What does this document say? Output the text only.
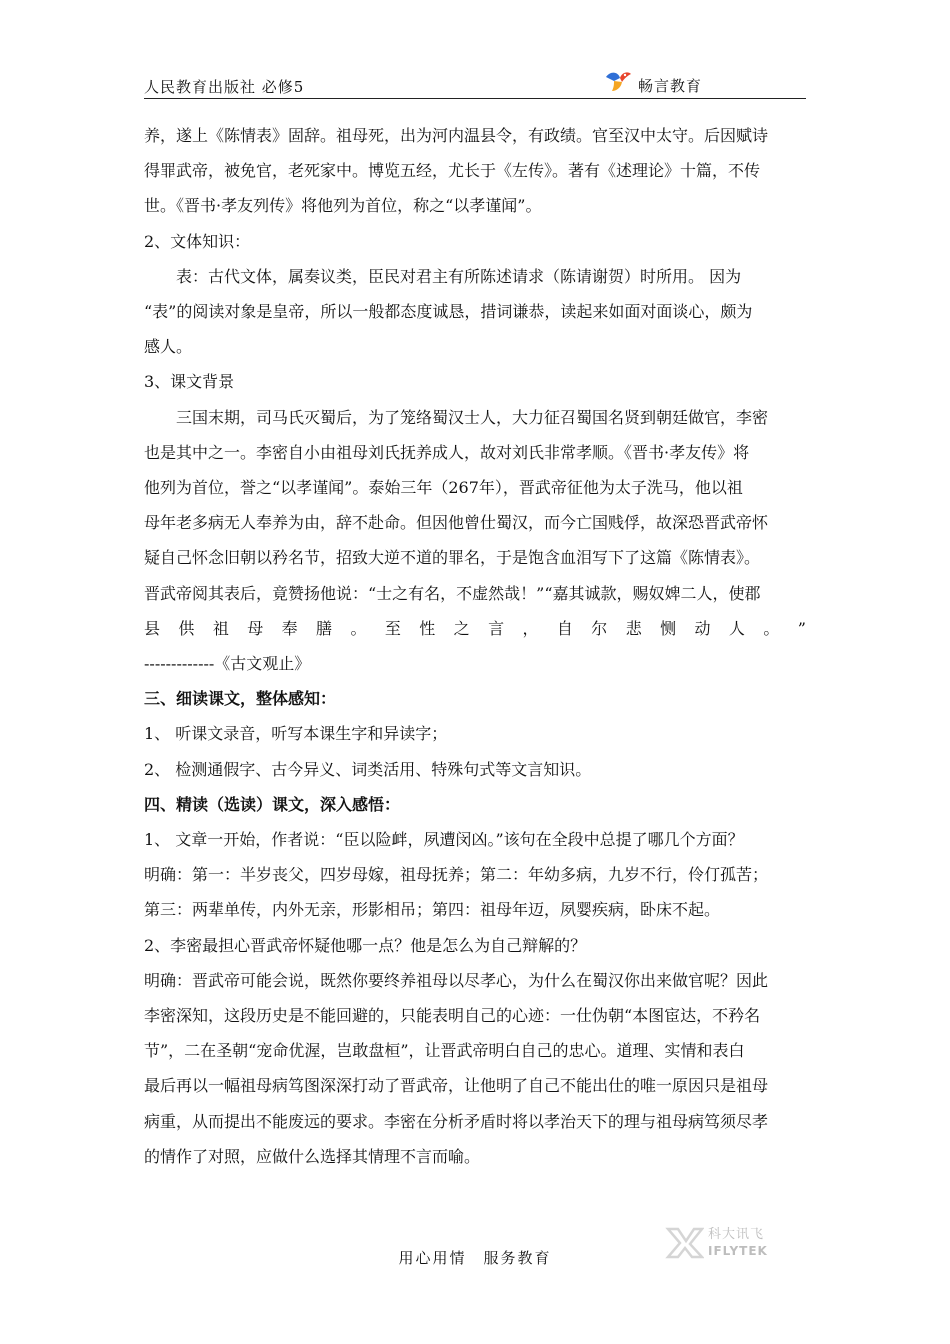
人民教育出版社 必修5	畅言教育

养，遂上《陈情表》固辞。祖母死，出为河内温县令，有政绩。官至汉中太守。后因赋诗

得罪武帝，被免官，老死家中。博览五经，尤长于《左传》。著有《述理论》十篇，不传

世。《晋书·孝友列传》将他列为首位，称之“以孝谨闻”。

2、文体知识：

表：古代文体，属奏议类，臣民对君主有所陈述请求（陈请谢贺）时所用。 因为

“表”的阅读对象是皇帝，所以一般都态度诚恳，措词谦恭，读起来如面对面谈心，颇为

感人。

3、课文背景

三国末期，司马氏灭蜀后，为了笼络蜀汉士人，大力征召蜀国名贤到朝廷做官，李密

也是其中之一。李密自小由祖母刘氏抚养成人，故对刘氏非常孝顺。《晋书·孝友传》将

他列为首位，誉之“以孝谨闻”。泰始三年（267年），晋武帝征他为太子洗马，他以祖

母年老多病无人奉养为由，辞不赴命。但因他曾仕蜀汉，而今亡国贱俘，故深恐晋武帝怀

疑自己怀念旧朝以矜名节，招致大逆不道的罪名，于是饱含血泪写下了这篇《陈情表》。

晋武帝阅其表后，竟赞扬他说：“士之有名，不虚然哉！”“嘉其诚款，赐奴婢二人，使郡

县 供 祖 母 奉 膳 。 至 性 之 言 ， 自 尔 悲 恻 动 人 。 ”

-------------《古文观止》

三、细读课文，整体感知：

1、 听课文录音，听写本课生字和异读字；

2、 检测通假字、古今异义、词类活用、特殊句式等文言知识。

四、精读（选读）课文，深入感悟：

1、 文章一开始，作者说：“臣以险衅，夙遭闵凶。”该句在全段中总提了哪几个方面？

明确：第一：半岁丧父，四岁母嫁，祖母抚养；第二：年幼多病，九岁不行，伶仃孤苦；

第三：两辈单传，内外无亲，形影相吊；第四：祖母年迈，夙婴疾病，卧床不起。

2、李密最担心晋武帝怀疑他哪一点？他是怎么为自己辩解的？

明确：晋武帝可能会说，既然你要终养祖母以尽孝心，为什么在蜀汉你出来做官呢？因此

李密深知，这段历史是不能回避的，只能表明自己的心迹：一仕伪朝“本图宦达，不矜名

节”，二在圣朝“宠命优渥，岂敢盘桓”，让晋武帝明白自己的忠心。道理、实情和表白

最后再以一幅祖母病笃图深深打动了晋武帝，让他明了自己不能出仕的唯一原因只是祖母

病重，从而提出不能废远的要求。李密在分析矛盾时将以孝治天下的理与祖母病笃须尽孝

的情作了对照，应做什么选择其情理不言而喻。

科大讯飞
IFLYTEK
用心用情　服务教育
